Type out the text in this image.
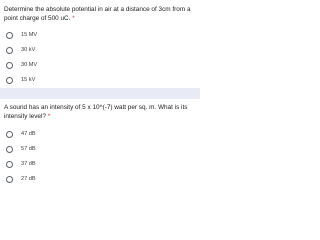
Determine the absolute potential in air at a distance of 3cm from a point charge of 500 uC. *
15 MV
30 kV
30 MV
15 kV
A sound has an intensity of 5 x 10^(-7) watt per sq. m. What is its intensity level? *
47 dB
57 dB
37 dB
27 dB
